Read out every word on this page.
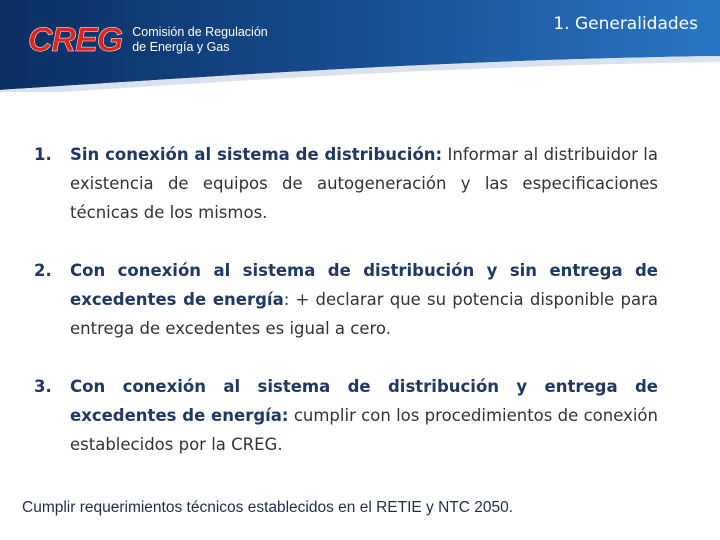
CREG Comisión de Regulación
de Energía y Gas
1. Generalidades
1.	Sin conexión al sistema de distribución: Informar al distribuidor la existencia de equipos de autogeneración y las especificaciones técnicas de los mismos.
2.	Con conexión al sistema de distribución y sin entrega de excedentes de energía: + declarar que su potencia disponible para entrega de excedentes es igual a cero.
3.	Con conexión al sistema de distribución y entrega de excedentes de energía: cumplir con los procedimientos de conexión establecidos por la CREG.
Cumplir requerimientos técnicos establecidos en el RETIE y NTC 2050.
